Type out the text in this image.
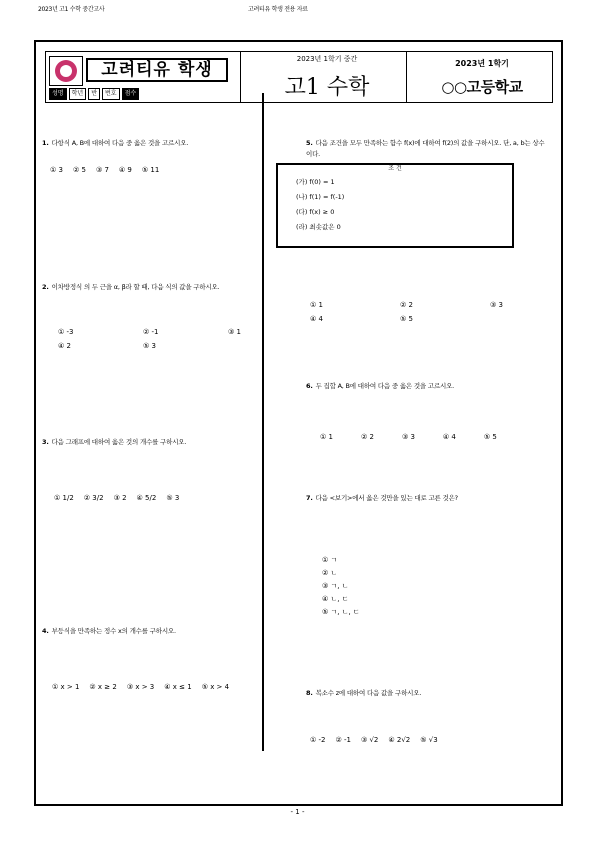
2023년 고1 수학 중간고사	고려티유 학생 전용 자료
고려티유 학생
성명	학년	반	번호	점수
2023년 1학기 중간
고1 수학
2023년 1학기
○○고등학교
1. 다항식 A, B에 대하여 다음 중 옳은 것을 고르시오.
① 3 ② 5 ③ 7 ④ 9 ⑤ 11
2. 이차방정식 의 두 근을 α, β라 할 때, 다음 식의 값을 구하시오.
① -3	② -1	③ 1
④ 2	⑤ 3
3. 다음 그래프에 대하여 옳은 것의 개수를 구하시오.
① 1/2 ② 3/2 ③ 2 ④ 5/2 ⑤ 3
4. 부등식을 만족하는 정수 x의 개수를 구하시오.
① x > 1 ② x ≥ 2 ③ x > 3 ④ x ≤ 1 ⑤ x > 4
5. 다음 조건을 모두 만족하는 함수 f(x)에 대하여 f(2)의 값을 구하시오. 단, a, b는 상수이다.
조 건
(가) f(0) = 1
(나) f(1) = f(-1)
(다) f(x) ≥ 0
(라) 최솟값은 0
① 1	② 2	③ 3
④ 4	⑤ 5
6. 두 집합 A, B에 대하여 다음 중 옳은 것을 고르시오.
① 1	② 2	③ 3	④ 4	⑤ 5
7. 다음 <보기>에서 옳은 것만을 있는 대로 고른 것은?
① ㄱ
② ㄴ
③ ㄱ, ㄴ
④ ㄴ, ㄷ
⑤ ㄱ, ㄴ, ㄷ
8. 복소수 z에 대하여 다음 값을 구하시오.
① -2 ② -1 ③ √2 ④ 2√2 ⑤ √3
- 1 -
